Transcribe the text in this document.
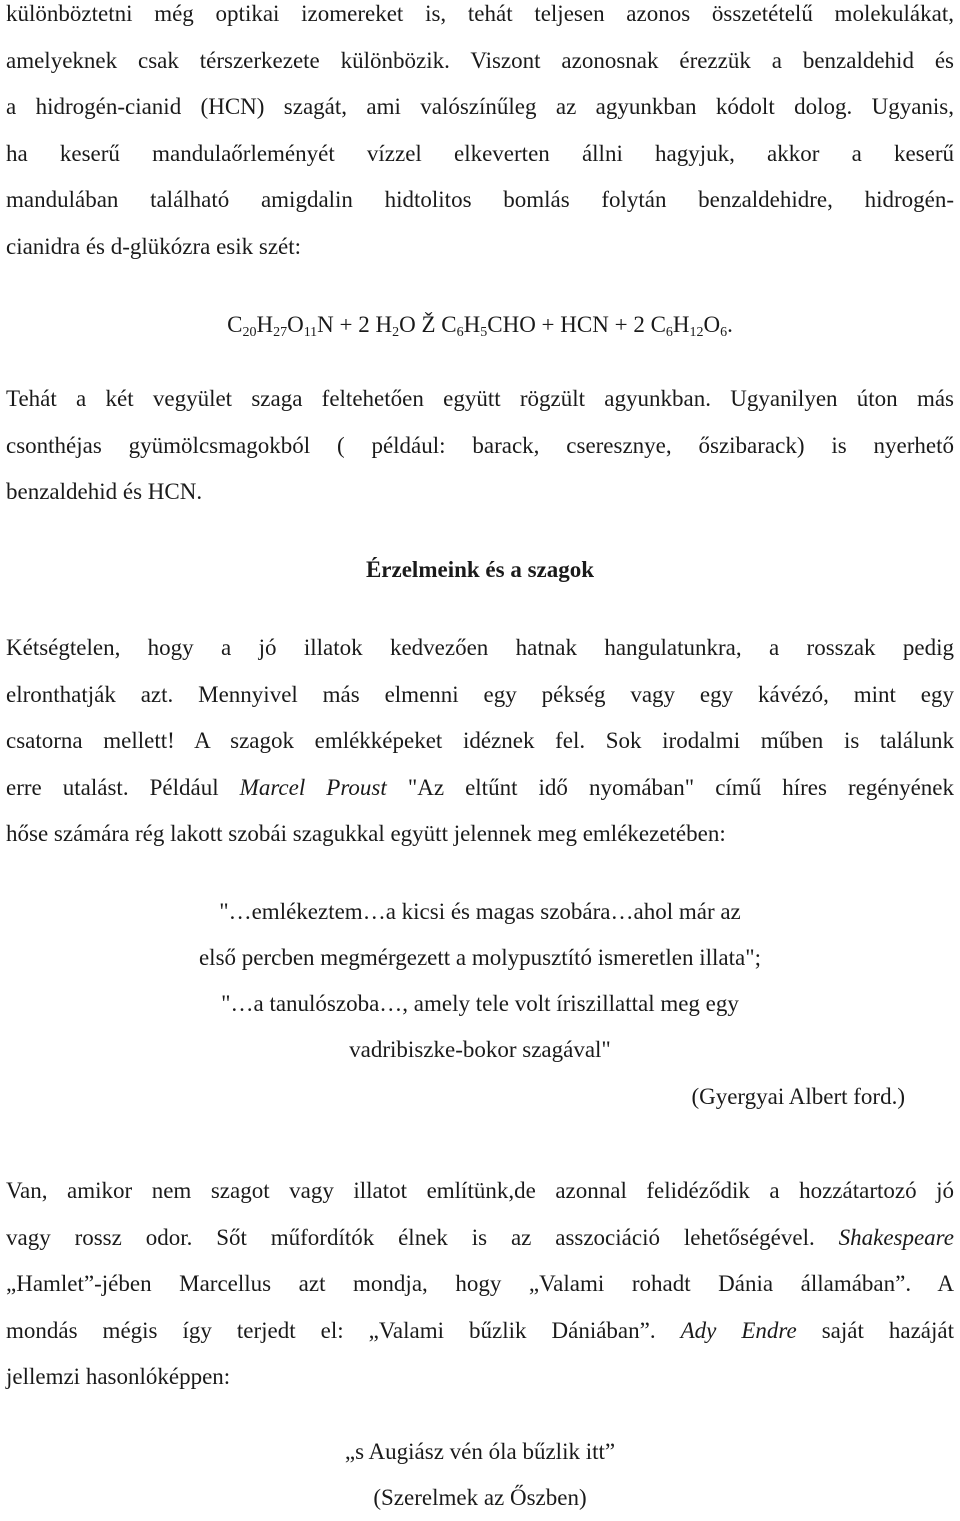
különböztetni még optikai izomereket is, tehát teljesen azonos összetételű molekulákat,
amelyeknek csak térszerkezete különbözik. Viszont azonosnak érezzük a benzaldehid és
a hidrogén-cianid (HCN) szagát, ami valószínűleg az agyunkban kódolt dolog. Ugyanis,
ha keserű mandulaőrleményét vízzel elkeverten állni hagyjuk, akkor a keserű
mandulában található amigdalin hidtolitos bomlás folytán benzaldehidre, hidrogén-
cianidra és d-glükózra esik szét:

$C_{20}H_{27}O_{11}N + 2$ $H_2O$ Ž $C_6H_5CHO$ + HCN + 2 $C_6H_{12}O_6$.

Tehát a két vegyület szaga feltehetően együtt rögzült agyunkban. Ugyanilyen úton más
csonthéjas gyümölcsmagokból ( például: barack, cseresznye, őszibarack) is nyerhető
benzaldehid és HCN.

Érzelmeink és a szagok

Kétségtelen, hogy a jó illatok kedvezően hatnak hangulatunkra, a rosszak pedig
elronthatják azt. Mennyivel más elmenni egy pékség vagy egy kávézó, mint egy
csatorna mellett! A szagok emlékképeket idéznek fel. Sok irodalmi műben is találunk
erre utalást. Például Marcel Proust "Az eltűnt idő nyomában" című híres regényének
hőse számára rég lakott szobái szagukkal együtt jelennek meg emlékezetében:

"…emlékeztem…a kicsi és magas szobára…ahol már az
első percben megmérgezett a molypusztító ismeretlen illata";
"…a tanulószoba…, amely tele volt íriszillattal meg egy
vadribiszke-bokor szagával"
(Gyergyai Albert ford.)

Van, amikor nem szagot vagy illatot említünk,de azonnal felidéződik a hozzátartozó jó
vagy rossz odor. Sőt műfordítók élnek is az asszociáció lehetőségével. Shakespeare
„Hamlet”-jében Marcellus azt mondja, hogy „Valami rohadt Dánia államában”. A
mondás mégis így terjedt el: „Valami bűzlik Dániában”. Ady Endre saját hazáját
jellemzi hasonlóképpen:

„s Augiász vén óla bűzlik itt”
(Szerelmek az Őszben)
